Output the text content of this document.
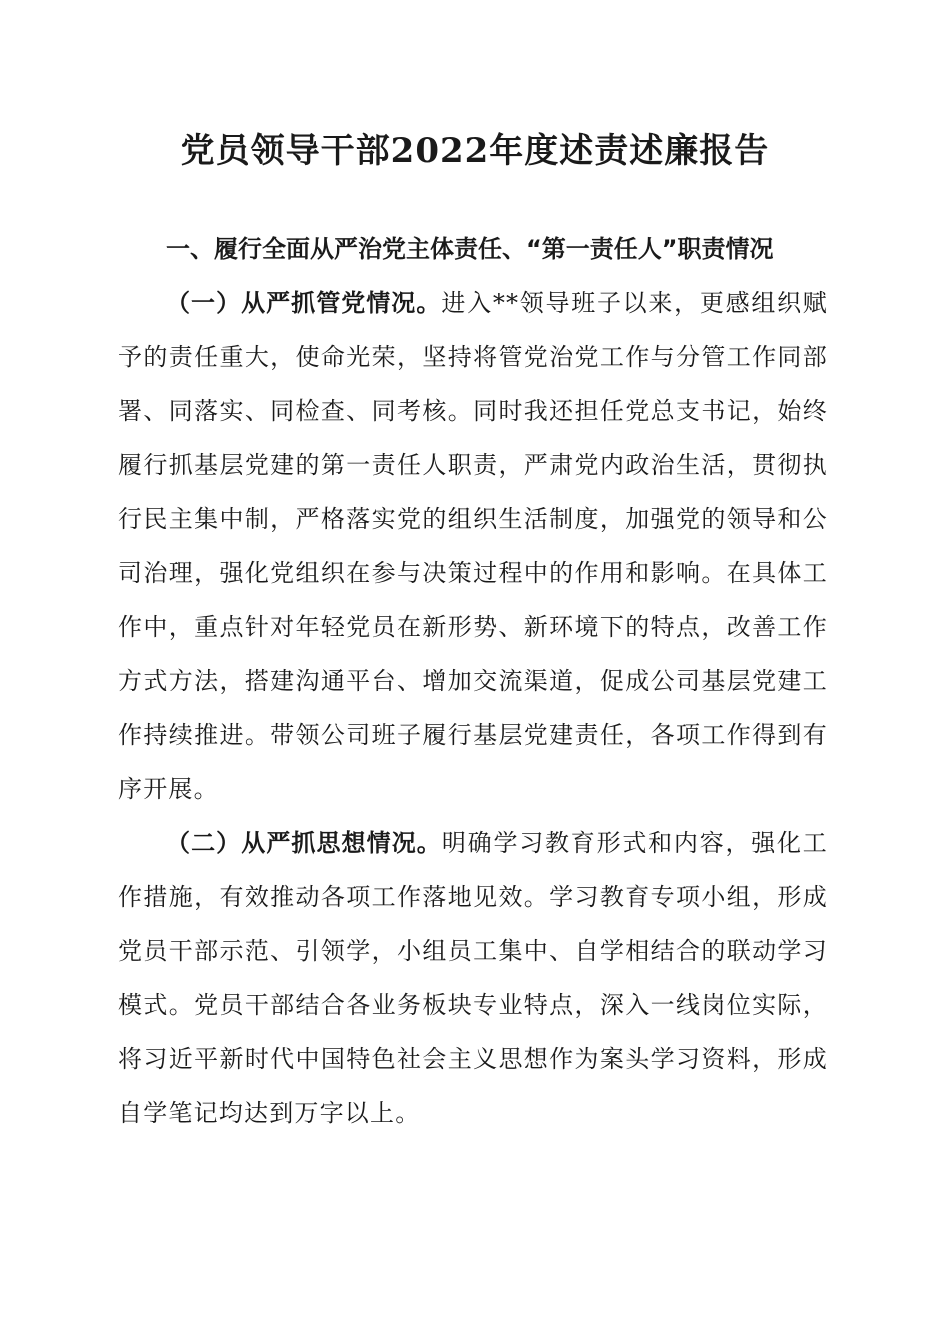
党员领导干部2022年度述责述廉报告

一、履行全面从严治党主体责任、“第一责任人”职责情况

（一）从严抓管党情况。进入**领导班子以来，更感组织赋予的责任重大，使命光荣，坚持将管党治党工作与分管工作同部署、同落实、同检查、同考核。同时我还担任党总支书记，始终履行抓基层党建的第一责任人职责，严肃党内政治生活，贯彻执行民主集中制，严格落实党的组织生活制度，加强党的领导和公司治理，强化党组织在参与决策过程中的作用和影响。在具体工作中，重点针对年轻党员在新形势、新环境下的特点，改善工作方式方法，搭建沟通平台、增加交流渠道，促成公司基层党建工作持续推进。带领公司班子履行基层党建责任，各项工作得到有序开展。

（二）从严抓思想情况。明确学习教育形式和内容，强化工作措施，有效推动各项工作落地见效。学习教育专项小组，形成党员干部示范、引领学，小组员工集中、自学相结合的联动学习模式。党员干部结合各业务板块专业特点，深入一线岗位实际，将习近平新时代中国特色社会主义思想作为案头学习资料，形成自学笔记均达到万字以上。
